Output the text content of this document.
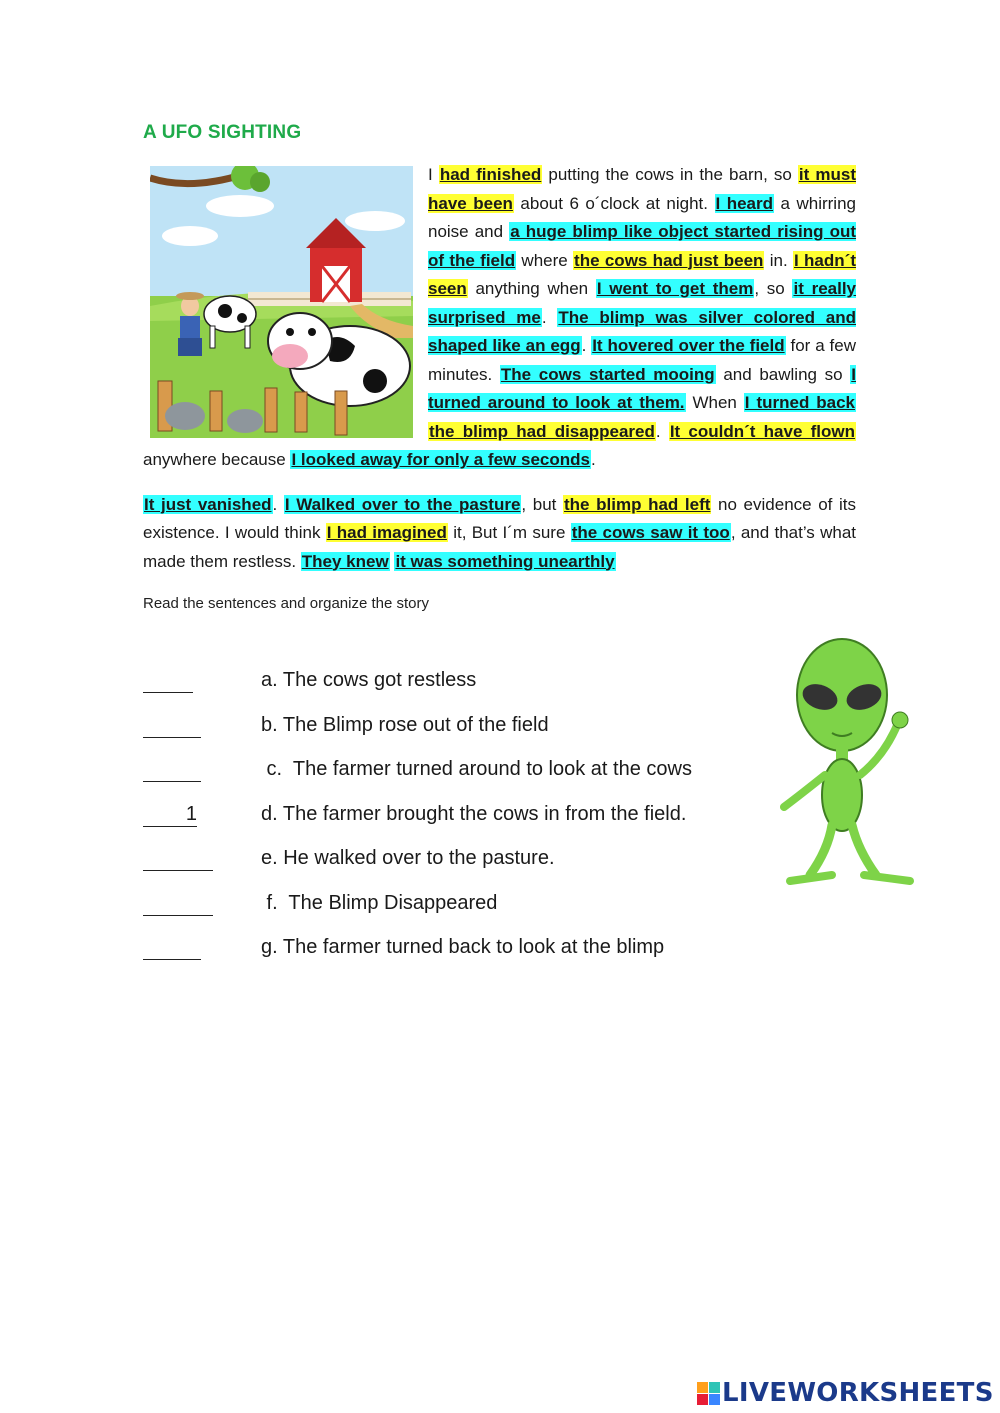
A UFO SIGHTING

I had finished putting the cows in the barn, so it must have been about 6 o´clock at night. I heard a whirring noise and a huge blimp like object started rising out of the field where the cows had just been in. I hadn´t seen anything when I went to get them, so it really surprised me. The blimp was silver colored and shaped like an egg. It hovered over the field for a few minutes. The cows started mooing and bawling so I turned around to look at them. When I turned back the blimp had disappeared. It couldn´t have flown anywhere because I looked away for only a few seconds.

It just vanished. I Walked over to the pasture, but the blimp had left no evidence of its existence. I would think I had imagined it, But I´m sure the cows saw it too, and that’s what made them restless. They knew it was something unearthly

Read the sentences and organize the story
a. The cows got restless
b. The Blimp rose out of the field
c.  The farmer turned around to look at the cows
1	d. The farmer brought the cows in from the field.
e. He walked over to the pasture.
f.  The Blimp Disappeared
g. The farmer turned back to look at the blimp
LIVEWORKSHEETS
